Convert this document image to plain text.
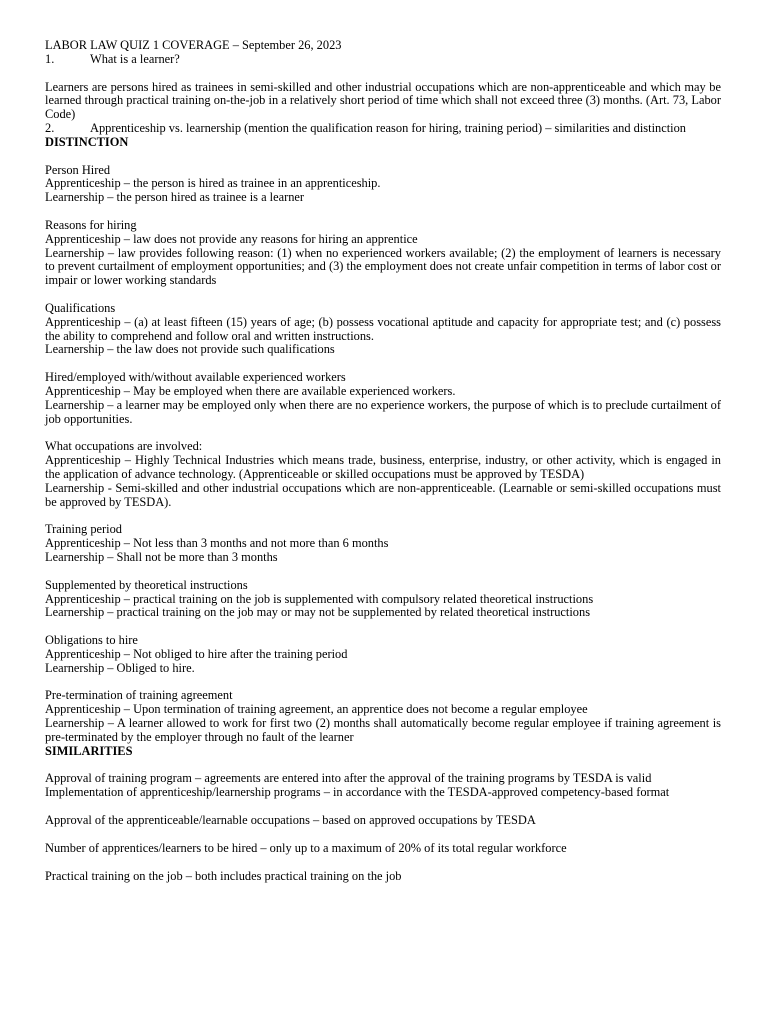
LABOR LAW QUIZ 1 COVERAGE – September 26, 2023

1.	What is a learner?

Learners are persons hired as trainees in semi-skilled and other industrial occupations which are non-apprenticeable and which may be learned through practical training on-the-job in a relatively short period of time which shall not exceed three (3) months. (Art. 73, Labor Code)

2.	Apprenticeship vs. learnership (mention the qualification reason for hiring, training period) – similarities and distinction

DISTINCTION

Person Hired

Apprenticeship – the person is hired as trainee in an apprenticeship.

Learnership – the person hired as trainee is a learner

Reasons for hiring

Apprenticeship – law does not provide any reasons for hiring an apprentice

Learnership – law provides following reason: (1) when no experienced workers available; (2) the employment of learners is necessary to prevent curtailment of employment opportunities; and (3) the employment does not create unfair competition in terms of labor cost or impair or lower working standards

Qualifications

Apprenticeship – (a) at least fifteen (15) years of age; (b) possess vocational aptitude and capacity for appropriate test; and (c) possess the ability to comprehend and follow oral and written instructions.

Learnership – the law does not provide such qualifications

Hired/employed with/without available experienced workers

Apprenticeship – May be employed when there are available experienced workers.

Learnership – a learner may be employed only when there are no experience workers, the purpose of which is to preclude curtailment of job opportunities.

What occupations are involved:

Apprenticeship – Highly Technical Industries which means trade, business, enterprise, industry, or other activity, which is engaged in the application of advance technology. (Apprenticeable or skilled occupations must be approved by TESDA)

Learnership - Semi-skilled and other industrial occupations which are non-apprenticeable. (Learnable or semi-skilled occupations must be approved by TESDA).

Training period

Apprenticeship – Not less than 3 months and not more than 6 months

Learnership – Shall not be more than 3 months

Supplemented by theoretical instructions

Apprenticeship – practical training on the job is supplemented with compulsory related theoretical instructions

Learnership – practical training on the job may or may not be supplemented by related theoretical instructions

Obligations to hire

Apprenticeship – Not obliged to hire after the training period

Learnership – Obliged to hire.

Pre-termination of training agreement

Apprenticeship – Upon termination of training agreement, an apprentice does not become a regular employee

Learnership – A learner allowed to work for first two (2) months shall automatically become regular employee if training agreement is pre-terminated by the employer through no fault of the learner

SIMILARITIES

Approval of training program – agreements are entered into after the approval of the training programs by TESDA is valid

Implementation of apprenticeship/learnership programs – in accordance with the TESDA-approved competency-based format

Approval of the apprenticeable/learnable occupations – based on approved occupations by TESDA

Number of apprentices/learners to be hired – only up to a maximum of 20% of its total regular workforce

Practical training on the job – both includes practical training on the job
